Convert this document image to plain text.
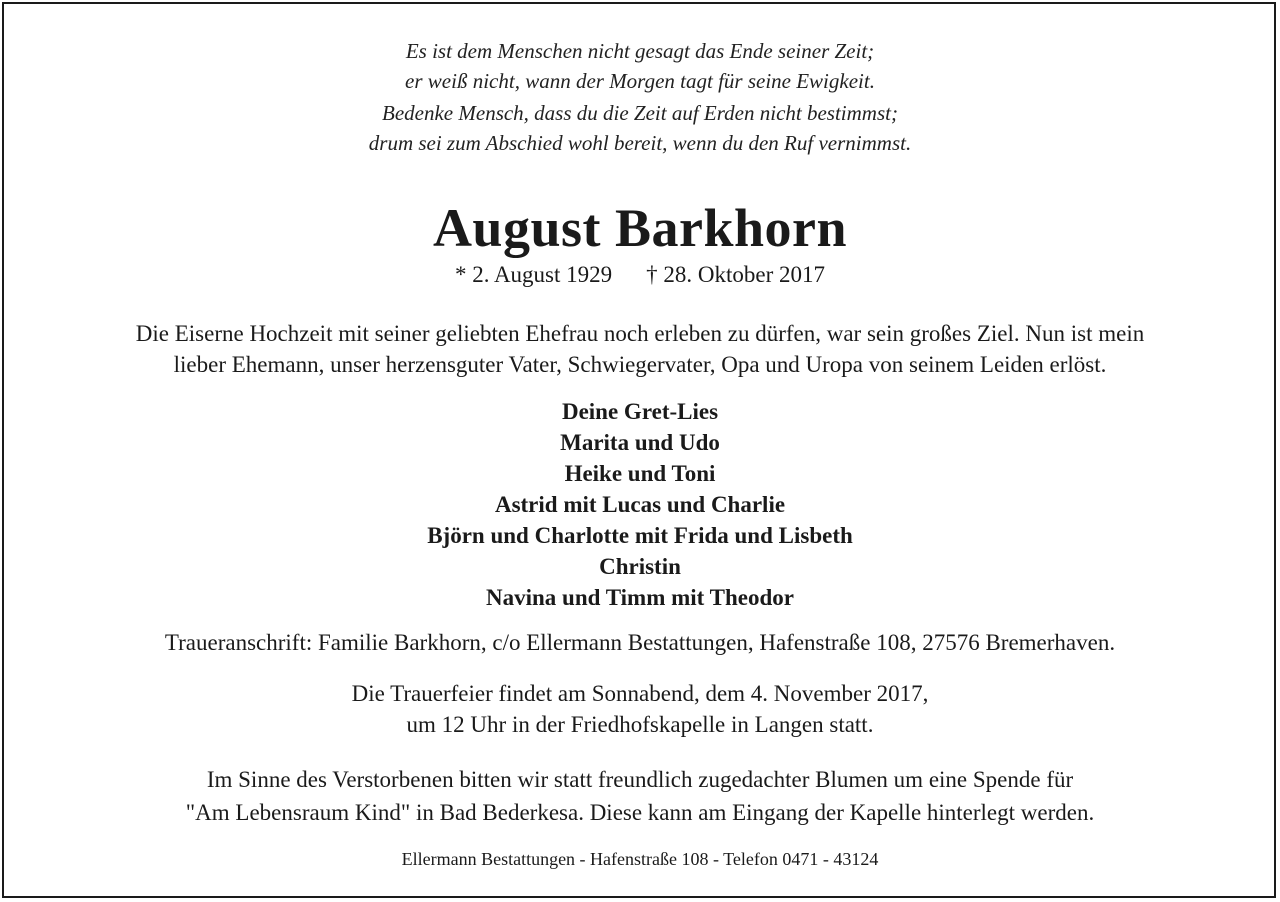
Es ist dem Menschen nicht gesagt das Ende seiner Zeit;
er weiß nicht, wann der Morgen tagt für seine Ewigkeit.
Bedenke Mensch, dass du die Zeit auf Erden nicht bestimmst;
drum sei zum Abschied wohl bereit, wenn du den Ruf vernimmst.
August Barkhorn
* 2. August 1929 † 28. Oktober 2017
Die Eiserne Hochzeit mit seiner geliebten Ehefrau noch erleben zu dürfen, war sein großes Ziel. Nun ist mein
lieber Ehemann, unser herzensguter Vater, Schwiegervater, Opa und Uropa von seinem Leiden erlöst.
Deine Gret-Lies
Marita und Udo
Heike und Toni
Astrid mit Lucas und Charlie
Björn und Charlotte mit Frida und Lisbeth
Christin
Navina und Timm mit Theodor
Traueranschrift: Familie Barkhorn, c/o Ellermann Bestattungen, Hafenstraße 108, 27576 Bremerhaven.
Die Trauerfeier findet am Sonnabend, dem 4. November 2017,
um 12 Uhr in der Friedhofskapelle in Langen statt.
Im Sinne des Verstorbenen bitten wir statt freundlich zugedachter Blumen um eine Spende für
"Am Lebensraum Kind" in Bad Bederkesa. Diese kann am Eingang der Kapelle hinterlegt werden.
Ellermann Bestattungen - Hafenstraße 108 - Telefon 0471 - 43124
